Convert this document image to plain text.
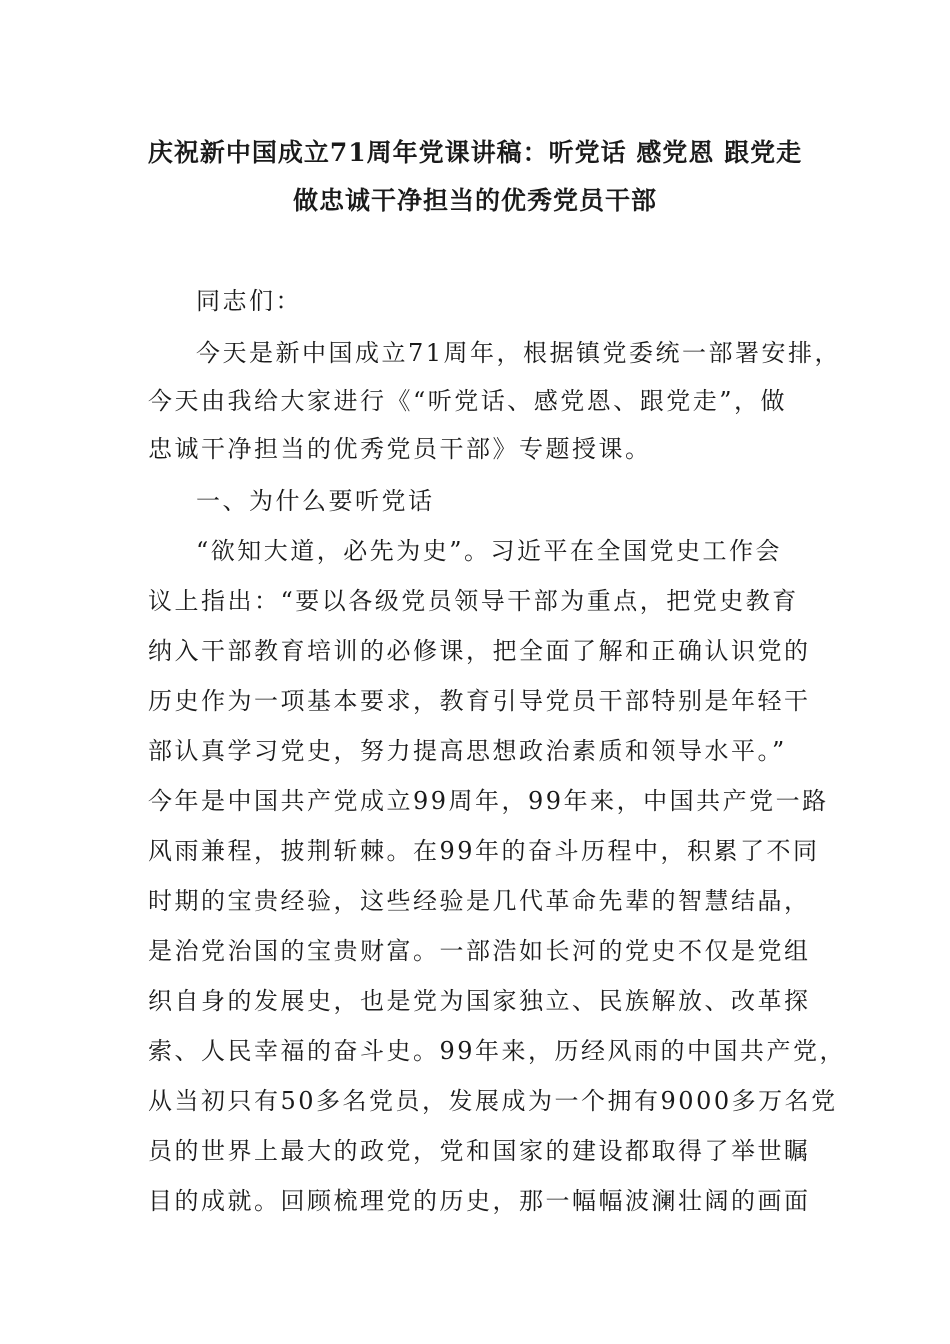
庆祝新中国成立71周年党课讲稿：听党话 感党恩 跟党走
做忠诚干净担当的优秀党员干部
同志们：
今天是新中国成立71周年，根据镇党委统一部署安排，
今天由我给大家进行《“听党话、感党恩、跟党走”，做
忠诚干净担当的优秀党员干部》专题授课。
一、为什么要听党话
“欲知大道，必先为史”。习近平在全国党史工作会
议上指出：“要以各级党员领导干部为重点，把党史教育
纳入干部教育培训的必修课，把全面了解和正确认识党的
历史作为一项基本要求，教育引导党员干部特别是年轻干
部认真学习党史，努力提高思想政治素质和领导水平。”
今年是中国共产党成立99周年，99年来，中国共产党一路
风雨兼程，披荆斩棘。在99年的奋斗历程中，积累了不同
时期的宝贵经验，这些经验是几代革命先辈的智慧结晶，
是治党治国的宝贵财富。一部浩如长河的党史不仅是党组
织自身的发展史，也是党为国家独立、民族解放、改革探
索、人民幸福的奋斗史。99年来，历经风雨的中国共产党，
从当初只有50多名党员，发展成为一个拥有9000多万名党
员的世界上最大的政党，党和国家的建设都取得了举世瞩
目的成就。回顾梳理党的历史，那一幅幅波澜壮阔的画面
